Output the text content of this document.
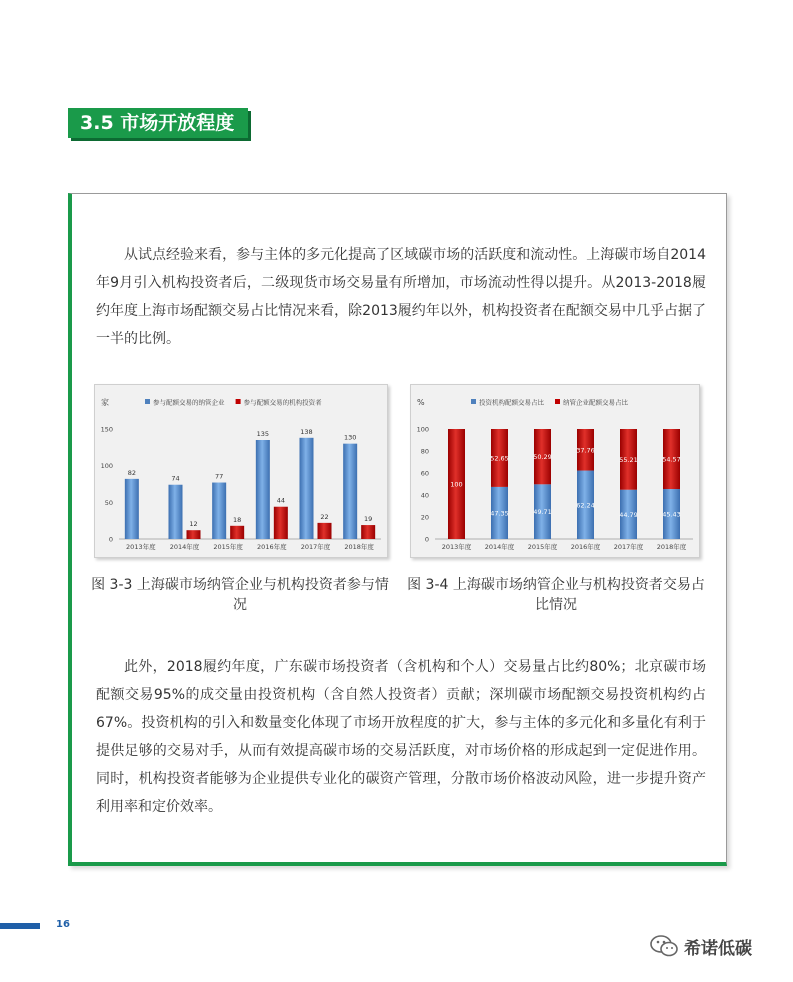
3.5 市场开放程度

从试点经验来看，参与主体的多元化提高了区域碳市场的活跃度和流动性。上海碳市场自2014年9月引入机构投资者后，二级现货市场交易量有所增加，市场流动性得以提升。从2013-2018履约年度上海市场配额交易占比情况来看，除2013履约年以外，机构投资者在配额交易中几乎占据了一半的比例。

家	参与配额交易的纳管企业	参与配额交易的机构投资者
0
50
100
150
2013年度 2014年度 2015年度 2016年度 2017年度 2018年度
82
74	77
135	138
130
12
18
44
22	19
%	投资机构配额交易占比	纳管企业配额交易占比
0
20
40
60
80
100
2013年度 2014年度 2015年度 2016年度 2017年度 2018年度
100
47.35
52.65
49.71
50.29
62.24
37.76
44.79
55.21
45.43
54.57
图 3-3 上海碳市场纳管企业与机构投资者参与情况
图 3-4 上海碳市场纳管企业与机构投资者交易占比情况

此外，2018履约年度，广东碳市场投资者（含机构和个人）交易量占比约80%；北京碳市场配额交易95%的成交量由投资机构（含自然人投资者）贡献；深圳碳市场配额交易投资机构约占67%。投资机构的引入和数量变化体现了市场开放程度的扩大，参与主体的多元化和多量化有利于提供足够的交易对手，从而有效提高碳市场的交易活跃度，对市场价格的形成起到一定促进作用。同时，机构投资者能够为企业提供专业化的碳资产管理，分散市场价格波动风险，进一步提升资产利用率和定价效率。

16
希诺低碳
